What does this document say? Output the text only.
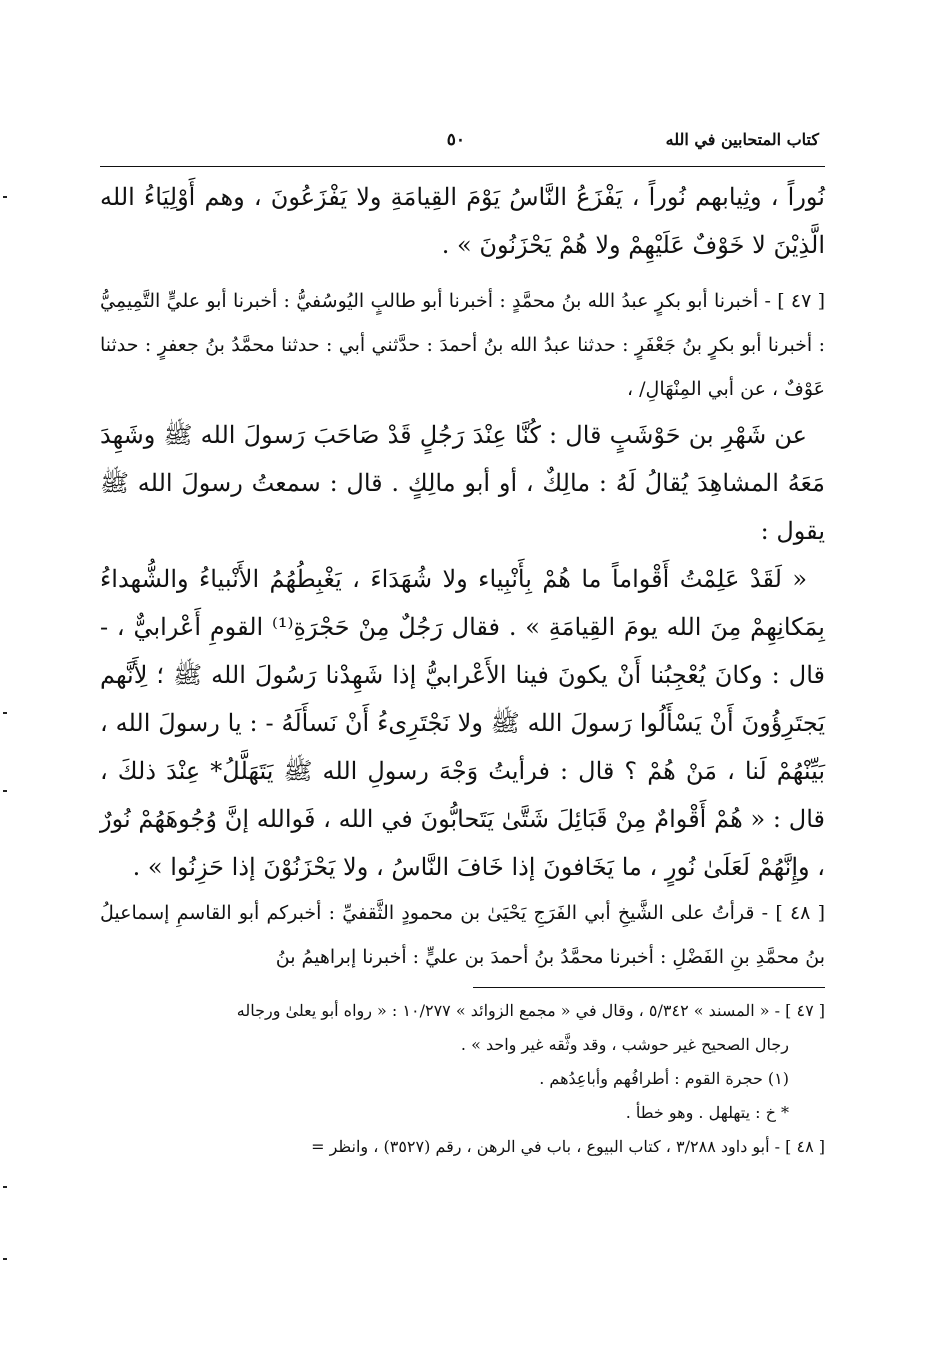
كتاب المتحابين في الله
٥٠

نُوراً ، وثِيابهم نُوراً ، يَفْزَعُ النَّاسُ يَوْمَ القِيامَةِ ولا يَفْزَعُونَ ، وهم أَوْلِيَاءُ الله الَّذِيْنَ لا خَوْفٌ عَلَيْهِمْ ولا هُمْ يَحْزَنُونَ » .

[ ٤٧ ] - أخبرنا أبو بكرٍ عبدُ الله بنُ محمَّدٍ : أخبرنا أبو طالبٍ اليُوسُفيُّ : أخبرنا أبو عليٍّ التَّمِيمِيُّ : أخبرنا أبو بكرٍ بنُ جَعْفَرٍ : حدثنا عبدُ الله بنُ أحمدَ : حدَّثني أبي : حدثنا محمَّدُ بنُ جعفرٍ : حدثنا عَوْفٌ ، عن أبي المِنْهَالِ/ ،

عن شَهْرِ بن حَوْشَبٍ قال : كُنَّا عِنْدَ رَجُلٍ قَدْ صَاحَبَ رَسولَ الله ﷺ وشَهِدَ مَعَهُ المشاهِدَ يُقالُ لَهُ : مالِكٌ ، أو أبو مالِكٍ . قال : سمعتُ رسولَ الله ﷺ يقول :

« لَقَدْ عَلِمْتُ أَقْواماً ما هُمْ بِأَنْبِياء ولا شُهَدَاءَ ، يَغْبِطُهُمُ الأَنْبياءُ والشُّهداءُ بِمَكانِهِمْ مِنَ الله يومَ القِيامَةِ » . فقال رَجُلٌ مِنْ حَجْرَةِ⁽¹⁾ القومِ أَعْرابيٌّ ، - قال : وكانَ يُعْجِبُنا أَنْ يكونَ فينا الأَعْرابيُّ إذا شَهِدْنا رَسُولَ الله ﷺ ؛ لِأَنَّهم يَجتَرِؤُونَ أَنْ يَسْأَلُوا رَسولَ الله ﷺ ولا نَجْتَرِىءُ أَنْ نَسأَلَهُ - : يا رسولَ الله ، بَيِّنْهُمْ لَنا ، مَنْ هُمْ ؟ قال : فرأيتُ وَجْهَ رسولِ الله ﷺ يَتَهَلَّلُ* عِنْدَ ذلكَ ، قال : « هُمْ أَقْوامٌ مِنْ قَبَائِلَ شَتَّىٰ يَتَحابُّونَ في الله ، فَوالله إنَّ وُجُوهَهُمْ نُورٌ ، وإِنَّهُمْ لَعَلَىٰ نُورٍ ، ما يَخَافونَ إذا خَافَ النَّاسُ ، ولا يَحْزَنُوْنَ إذا حَزِنُوا » .

[ ٤٨ ] - قرأتُ على الشَّيخِ أبي الفَرَجِ يَحْيَىٰ بن محمودٍ الثَّقفيِّ : أخبركم أبو القاسمِ إسماعيلُ بنُ محمَّدِ بنِ الفَضْلِ : أخبرنا محمَّدُ بنُ أحمدَ بن عليٍّ : أخبرنا إبراهيمُ بنُ

[ ٤٧ ] - « المسند » ٥/٣٤٢ ، وقال في « مجمع الزوائد » ١٠/٢٧٧ : « رواه أبو يعلىٰ ورجاله

رجال الصحيح غير حوشب ، وقد وثَّقه غير واحد » .

(١) حجرة القوم : أطرافُهم وأباعِدُهم .

* خ : يتهلهل . وهو خطأ .

[ ٤٨ ] - أبو داود ٣/٢٨٨ ، كتاب البيوع ، باب في الرهن ، رقم (٣٥٢٧) ، وانظر =
